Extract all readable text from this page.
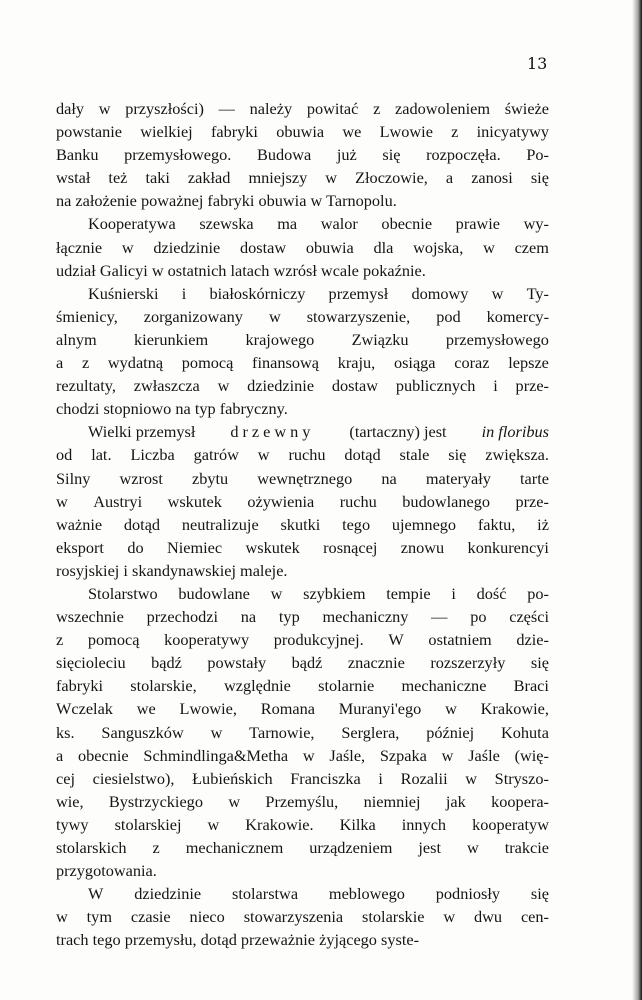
13
dały w przyszłości) — należy powitać z zadowoleniem świeże
powstanie wielkiej fabryki obuwia we Lwowie z inicyatywy
Banku przemysłowego. Budowa już się rozpoczęła. Po-
wstał też taki zakład mniejszy w Złoczowie, a zanosi się
na założenie poważnej fabryki obuwia w Tarnopolu.
Kooperatywa szewska ma walor obecnie prawie wy-
łącznie w dziedzinie dostaw obuwia dla wojska, w czem
udział Galicyi w ostatnich latach wzrósł wcale pokaźnie.
Kuśnierski i białoskórniczy przemysł domowy w Ty-
śmienicy, zorganizowany w stowarzyszenie, pod komercy-
alnym kierunkiem krajowego Związku przemysłowego
a z wydatną pomocą finansową kraju, osiąga coraz lepsze
rezultaty, zwłaszcza w dziedzinie dostaw publicznych i prze-
chodzi stopniowo na typ fabryczny.
Wielki przemysł drzewny (tartaczny) jest in floribus
od lat. Liczba gatrów w ruchu dotąd stale się zwiększa.
Silny wzrost zbytu wewnętrznego na materyały tarte
w Austryi wskutek ożywienia ruchu budowlanego prze-
ważnie dotąd neutralizuje skutki tego ujemnego faktu, iż
eksport do Niemiec wskutek rosnącej znowu konkurencyi
rosyjskiej i skandynawskiej maleje.
Stolarstwo budowlane w szybkiem tempie i dość po-
wszechnie przechodzi na typ mechaniczny — po części
z pomocą kooperatywy produkcyjnej. W ostatniem dzie-
sięcioleciu bądź powstały bądź znacznie rozszerzyły się
fabryki stolarskie, względnie stolarnie mechaniczne Braci
Wczelak we Lwowie, Romana Muranyi'ego w Krakowie,
ks. Sanguszków w Tarnowie, Serglera, później Kohuta
a obecnie Schmindlinga&Metha w Jaśle, Szpaka w Jaśle (wię-
cej ciesielstwo), Łubieńskich Franciszka i Rozalii w Stryszo-
wie, Bystrzyckiego w Przemyślu, niemniej jak koopera-
tywy stolarskiej w Krakowie. Kilka innych kooperatyw
stolarskich z mechanicznem urządzeniem jest w trakcie
przygotowania.
W dziedzinie stolarstwa meblowego podniosły się
w tym czasie nieco stowarzyszenia stolarskie w dwu cen-
trach tego przemysłu, dotąd przeważnie żyjącego syste-
